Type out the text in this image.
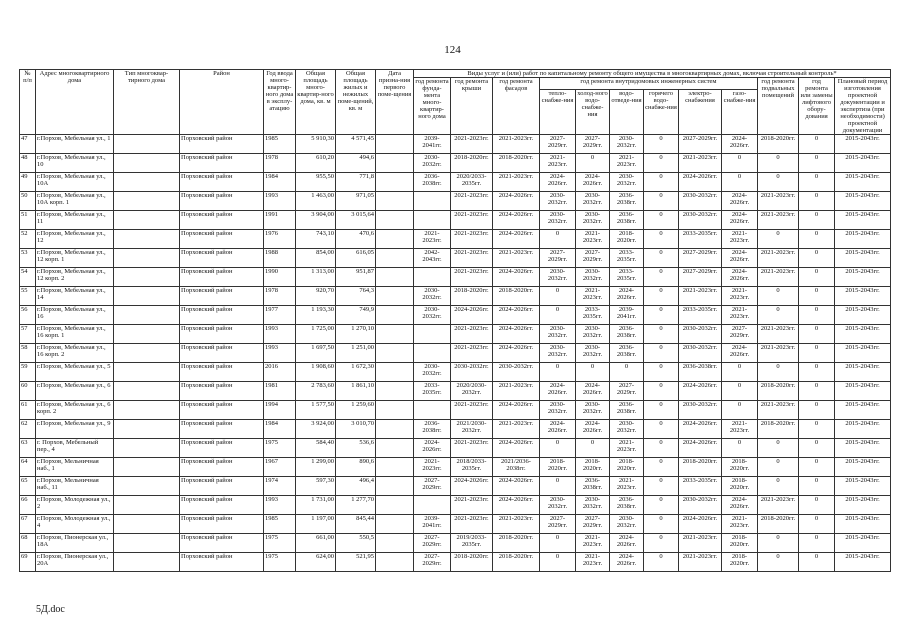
124
№ п/п	Адрес многоквартирного дома	Тип многоквар-тирного дома	Район	Год ввода много-квартир-ного дома в эксплу-атацию	Общая площадь много-квартир-ного дома, кв. м	Общая площадь жилых и нежилых поме-щений, кв. м	Дата призна-ния первого поме-щения	Виды услуг и (или) работ по капитальному ремонту общего имущества в многоквартирных домах, включая строительный контроль*											
								год ремонта фунда-мента много-квартир-ного дома	год ремонта крыши	год ремонта фасадов	год ремонта внутридомовых инженерных систем						год ремонта подвальных помещений	год ремонта или замены лифтового обору-дования	Плановый период изготовления проектной документации и экспертиза (при необходимости) проектной документации
											тепло-снабже-ния	холод-ного водо-снабже-ния	водо-отведе-ния	горячего водо-снабже-ния	электро-снабжения	газо-снабже-ния			
47	г.Порхов, Мебельная ул., 1		Порховский район	1985	5 910,30	4 571,45		2039-2041гг.	2021-2023гг.	2021-2023гг.	2027-2029гг.	2027-2029гг.	2030-2032гг.	0	2027-2029гг.	2024-2026гг.	2018-2020гг.	0	2015-2043гг.
48	г.Порхов, Мебельная ул., 10		Порховский район	1978	610,20	494,6		2030-2032гг.	2018-2020гг.	2018-2020гг.	2021-2023гг.	0	2021-2023гг.	0	2021-2023гг.	0	0	0	2015-2043гг.
49	г.Порхов, Мебельная ул., 10А		Порховский район	1984	955,50	771,8		2036-2038гг.	2020/2033-2035гг.	2021-2023гг.	2024-2026гг.	2024-2026гг.	2030-2032гг.	0	2024-2026гг.	0	0	0	2015-2043гг.
50	г.Порхов, Мебельная ул., 10А корп. 1		Порховский район	1993	1 463,00	971,05			2021-2023гг.	2024-2026гг.	2030-2032гг.	2030-2032гг.	2036-2038гг.	0	2030-2032гг.	2024-2026гг.	2021-2023гг.	0	2015-2043гг.
51	г.Порхов, Мебельная ул., 11		Порховский район	1991	3 904,00	3 015,64			2021-2023гг.	2024-2026гг.	2030-2032гг.	2030-2032гг.	2036-2038гг.	0	2030-2032гг.	2024-2026гг.	2021-2023гг.	0	2015-2043гг.
52	г.Порхов, Мебельная ул., 12		Порховский район	1976	743,10	470,6		2021-2023гг.	2021-2023гг.	2024-2026гг.	0	2021-2023гг.	2018-2020гг.	0	2033-2035гг.	2021-2023гг.	0	0	2015-2043гг.
53	г.Порхов, Мебельная ул., 12 корп. 1		Порховский район	1988	854,00	616,05		2042-2043гг.	2021-2023гг.	2021-2023гг.	2027-2029гг.	2027-2029гг.	2033-2035гг.	0	2027-2029гг.	2024-2026гг.	2021-2023гг.	0	2015-2043гг.
54	г.Порхов, Мебельная ул., 12 корп. 2		Порховский район	1990	1 313,00	951,87			2021-2023гг.	2024-2026гг.	2030-2032гг.	2030-2032гг.	2033-2035гг.	0	2027-2029гг.	2024-2026гг.	2021-2023гг.	0	2015-2043гг.
55	г.Порхов, Мебельная ул., 14		Порховский район	1978	920,70	764,3		2030-2032гг.	2018-2020гг.	2018-2020гг.	0	2021-2023гг.	2024-2026гг.	0	2021-2023гг.	2021-2023гг.	0	0	2015-2043гг.
56	г.Порхов, Мебельная ул., 16		Порховский район	1977	1 193,30	749,9		2030-2032гг.	2024-2026гг.	2024-2026гг.	0	2033-2035гг.	2039-2041гг.	0	2033-2035гг.	2021-2023гг.	0	0	2015-2043гг.
57	г.Порхов, Мебельная ул., 16 корп. 1		Порховский район	1993	1 725,00	1 270,10			2021-2023гг.	2024-2026гг.	2030-2032гг.	2030-2032гг.	2036-2038гг.	0	2030-2032гг.	2027-2029гг.	2021-2023гг.	0	2015-2043гг.
58	г.Порхов, Мебельная ул., 16 корп. 2		Порховский район	1993	1 697,50	1 251,00			2021-2023гг.	2024-2026гг.	2030-2032гг.	2030-2032гг.	2036-2038гг.	0	2030-2032гг.	2024-2026гг.	2021-2023гг.	0	2015-2043гг.
59	г.Порхов, Мебельная ул., 5		Порховский район	2016	1 908,60	1 672,30		2030-2032гг.	2030-2032гг.	2030-2032гг.	0	0	0	0	2036-2038гг.	0	0	0	2015-2043гг.
60	г.Порхов, Мебельная ул., 6		Порховский район	1981	2 783,60	1 861,10		2033-2035гг.	2020/2030-2032гг.	2021-2023гг.	2024-2026гг.	2024-2026гг.	2027-2029гг.	0	2024-2026гг.	0	2018-2020гг.	0	2015-2043гг.
61	г.Порхов, Мебельная ул., 6 корп. 2		Порховский район	1994	1 577,50	1 259,60			2021-2023гг.	2024-2026гг.	2030-2032гг.	2030-2032гг.	2036-2038гг.	0	2030-2032гг.	0	2021-2023гг.	0	2015-2043гг.
62	г.Порхов, Мебельная ул., 9		Порховский район	1984	3 924,00	3 010,70		2036-2038гг.	2021/2030-2032гг.	2021-2023гг.	2024-2026гг.	2024-2026гг.	2030-2032гг.	0	2024-2026гг.	2021-2023гг.	2018-2020гг.	0	2015-2043гг.
63	г. Порхов, Мебельный пер., 4		Порховский район	1975	584,40	536,6		2024-2026гг.	2021-2023гг.	2024-2026гг.	0	0	2021-2023гг.	0	2024-2026гг.	0	0	0	2015-2043гг.
64	г.Порхов, Мельничная наб., 1		Порховский район	1967	1 299,00	890,6		2021-2023гг.	2018/2033-2035гг.	2021/2036-2038гг.	2018-2020гг.	2018-2020гг.	2018-2020гг.	0	2018-2020гг.	2018-2020гг.	0	0	2015-2043гг.
65	г.Порхов, Мельничная наб., 11		Порховский район	1974	597,30	496,4		2027-2029гг.	2024-2026гг.	2024-2026гг.	0	2036-2038гг.	2021-2023гг.	0	2033-2035гг.	2018-2020гг.	0	0	2015-2043гг.
66	г.Порхов, Молодежная ул., 2		Порховский район	1993	1 731,00	1 277,70			2021-2023гг.	2024-2026гг.	2030-2032гг.	2030-2032гг.	2036-2038гг.	0	2030-2032гг.	2024-2026гг.	2021-2023гг.	0	2015-2043гг.
67	г.Порхов, Молодежная ул., 4		Порховский район	1985	1 197,00	845,44		2039-2041гг.	2021-2023гг.	2021-2023гг.	2027-2029гг.	2027-2029гг.	2030-2032гг.	0	2024-2026гг.	2021-2023гг.	2018-2020гг.	0	2015-2043гг.
68	г.Порхов, Пионерская ул., 18А		Порховский район	1975	661,00	550,5		2027-2029гг.	2019/2033-2035гг.	2018-2020гг.	0	2021-2023гг.	2024-2026гг.	0	2021-2023гг.	2018-2020гг.	0	0	2015-2043гг.
69	г.Порхов, Пионерская ул., 20А		Порховский район	1975	624,00	521,95		2027-2029гг.	2018-2020гг.	2018-2020гг.	0	2021-2023гг.	2024-2026гг.	0	2021-2023гг.	2018-2020гг.	0	0	2015-2043гг.
5Д.doc
